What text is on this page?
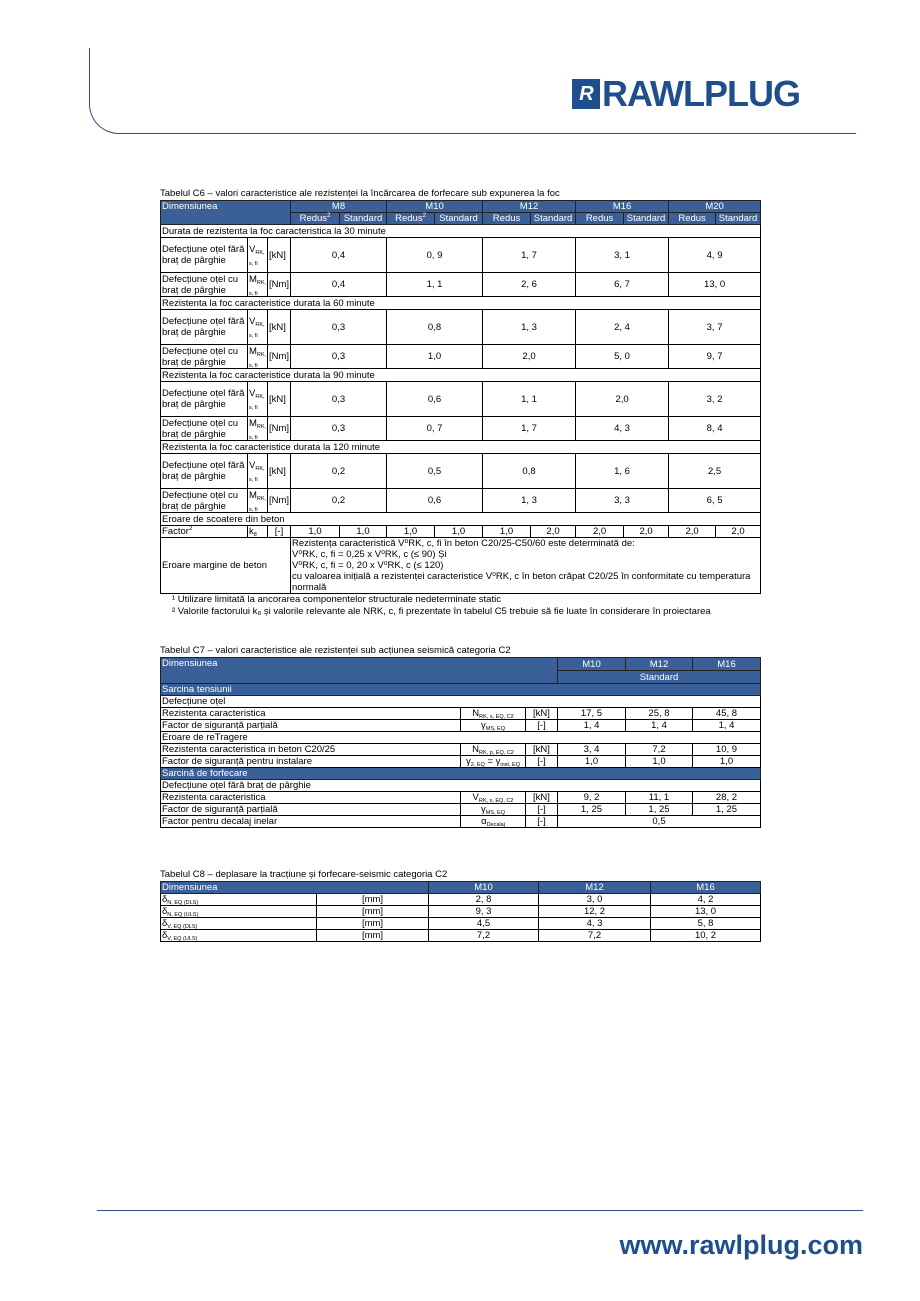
R RAWLPLUG
Tabelul C6 – valori caracteristice ale rezistenței la încărcarea de forfecare sub expunerea la foc
Dimensiunea			M8		M10		M12		M16		M20	
			Redus$^2$	Standard	Redus$^2$	Standard	Redus	Standard	Redus	Standard	Redus	Standard
Durata de rezistenta la foc caracteristica la 30 minute												
Defecțiune oțel fără braț de pârghie	$V_{RK, s, fi}$	[kN]	0,4		0, 9		1, 7		3, 1		4, 9	
Defecțiune oțel cu braț de pârghie	$M_{RK, s, fi}$	[Nm]	0,4		1, 1		2, 6		6, 7		13, 0	
Rezistenta la foc caracteristice durata la 60 minute												
Defecțiune oțel fără braț de pârghie	$V_{RK, s, fi}$	[kN]	0,3		0,8		1, 3		2, 4		3, 7	
Defecțiune oțel cu braț de pârghie	$M_{RK, s, fi}$	[Nm]	0,3		1,0		2,0		5, 0		9, 7	
Rezistenta la foc caracteristice durata la 90 minute												
Defecțiune oțel fără braț de pârghie	$V_{RK, s, fi}$	[kN]	0,3		0,6		1, 1		2,0		3, 2	
Defecțiune oțel cu braț de pârghie	$M_{RK, s, fi}$	[Nm]	0,3		0, 7		1, 7		4, 3		8, 4	
Rezistenta la foc caracteristice durata la 120 minute												
Defecțiune oțel fără braț de pârghie	$V_{RK, s, fi}$	[kN]	0,2		0,5		0,8		1, 6		2,5	
Defecțiune oțel cu braț de pârghie	$M_{RK, s, fi}$	[Nm]	0,2		0,6		1, 3		3, 3		6, 5	
Eroare de scoatere din beton												
Factor$^2$	$k_8$	[-]	1,0	1,0	1,0	1,0	1,0	2,0	2,0	2,0	2,0	2,0
Eroare margine de beton			Rezistența caracteristică V⁰RK, c, fi în beton C20/25-C50/60 este determinată de:
V⁰RK, c, fi = 0,25 x V⁰RK, c (≤ 90) Și
V⁰RK, c, fi = 0, 20 x V⁰RK, c (≤ 120)
cu valoarea inițială a rezistenței caracteristice V⁰RK, c în beton crăpat C20/25 în conformitate cu temperatura normală									
¹ Utilizare limitată la ancorarea componentelor structurale nedeterminate static
² Valorile factorului k₈ și valorile relevante ale NRK, c, fi prezentate în tabelul C5 trebuie să fie luate în considerare în proiectarea
Tabelul C7 – valori caracteristice ale rezistenței sub acțiunea seismică categoria C2
Dimensiunea			M10	M12	M16
			Standard		
Sarcina tensiunii					
Defecțiune oțel					
Rezistenta caracteristica	$N_{RK, s, EQ, C2}$	[kN]	17, 5	25, 8	45, 8
Factor de siguranță parțială	$\gamma_{MS, EQ}$	[-]	1, 4	1, 4	1, 4
Eroare de reTragere					
Rezistenta caracteristica in beton C20/25	$N_{RK, p, EQ, C2}$	[kN]	3, 4	7,2	10, 9
Factor de siguranță pentru instalare	$\gamma_{2, EQ} = \gamma_{inst, EQ}$	[-]	1,0	1,0	1,0
Sarcină de forfecare					
Defecțiune oțel fără braț de pârghie					
Rezistenta caracteristica	$V_{RK, s, EQ, C2}$	[kN]	9, 2	11, 1	28, 2
Factor de siguranță parțială	$\gamma_{MS, EQ}$	[-]	1, 25	1, 25	1, 25
Factor pentru decalaj inelar	$\alpha_{Decalaj}$	[-]	0,5		
Tabelul C8 – deplasare la tracțiune și forfecare-seismic categoria C2
Dimensiunea		M10	M12	M16
$\delta_{N, EQ (DLS)}$	[mm]	2, 8	3, 0	4, 2
$\delta_{N, EQ (ULS)}$	[mm]	9, 3	12, 2	13, 0
$\delta_{V, EQ (DLS)}$	[mm]	4,5	4, 3	5, 8
$\delta_{V, EQ (ULS)}$	[mm]	7,2	7,2	10, 2
www.rawlplug.com
